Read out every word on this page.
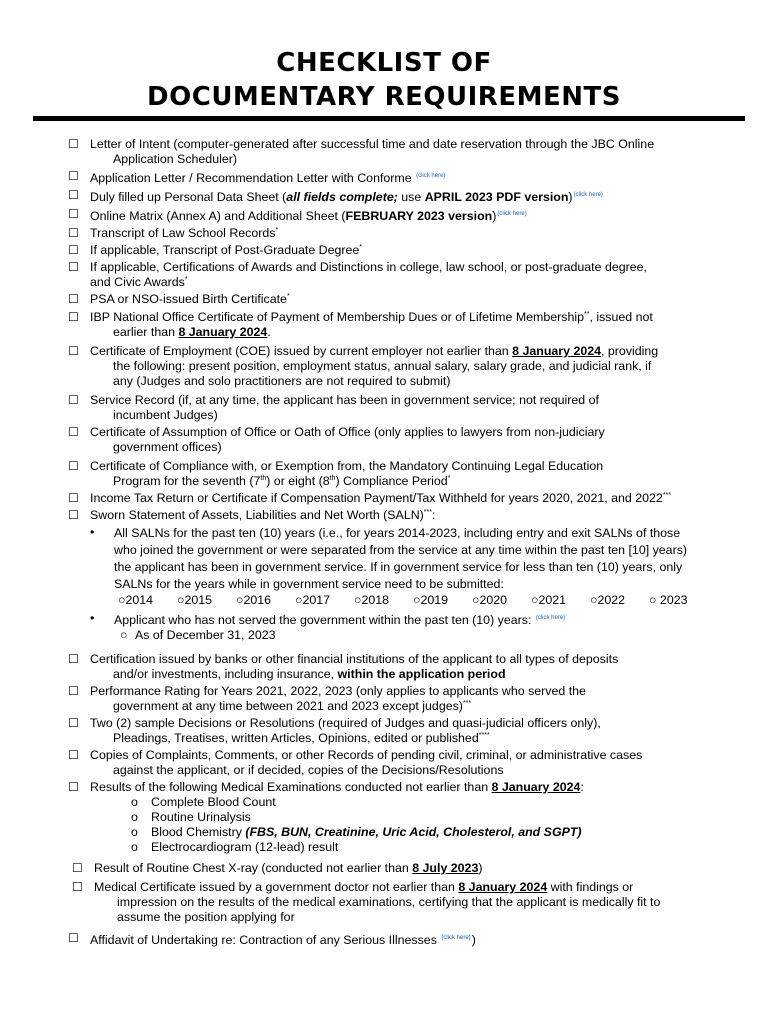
CHECKLIST OF
DOCUMENTARY REQUIREMENTS
☐ Letter of Intent (computer-generated after successful time and date reservation through the JBC Online
Application Scheduler)
☐ Application Letter / Recommendation Letter with Conforme $^{(click here)}$
☐ Duly filled up Personal Data Sheet (all fields complete; use APRIL 2023 PDF version)$^{(click here)}$
☐ Online Matrix (Annex A) and Additional Sheet (FEBRUARY 2023 version)$^{(click here)}$
☐ Transcript of Law School Records*
☐ If applicable, Transcript of Post-Graduate Degree*
☐ If applicable, Certifications of Awards and Distinctions in college, law school, or post-graduate degree,
and Civic Awards*
☐ PSA or NSO-issued Birth Certificate*
☐ IBP National Office Certificate of Payment of Membership Dues or of Lifetime Membership**, issued not
earlier than 8 January 2024.
☐ Certificate of Employment (COE) issued by current employer not earlier than 8 January 2024, providing
the following: present position, employment status, annual salary, salary grade, and judicial rank, if
any (Judges and solo practitioners are not required to submit)
☐ Service Record (if, at any time, the applicant has been in government service; not required of
incumbent Judges)
☐ Certificate of Assumption of Office or Oath of Office (only applies to lawyers from non-judiciary
government offices)
☐ Certificate of Compliance with, or Exemption from, the Mandatory Continuing Legal Education
Program for the seventh (7th) or eight (8th) Compliance Period*
☐ Income Tax Return or Certificate if Compensation Payment/Tax Withheld for years 2020, 2021, and 2022***
☐ Sworn Statement of Assets, Liabilities and Net Worth (SALN)***:
•	All SALNs for the past ten (10) years (i.e., for years 2014-2023, including entry and exit SALNs of those
who joined the government or were separated from the service at any time within the past ten [10] years)
the applicant has been in government service. If in government service for less than ten (10) years, only
SALNs for the years while in government service need to be submitted:
○2014	○2015	○2016	○2017	○2018	○2019	○2020	○2021	○2022	○ 2023
•	Applicant who has not served the government within the past ten (10) years: $^{(click here)}$
○ As of December 31, 2023
☐ Certification issued by banks or other financial institutions of the applicant to all types of deposits
and/or investments, including insurance, within the application period
☐ Performance Rating for Years 2021, 2022, 2023 (only applies to applicants who served the
government at any time between 2021 and 2023 except judges)***
☐ Two (2) sample Decisions or Resolutions (required of Judges and quasi-judicial officers only),
Pleadings, Treatises, written Articles, Opinions, edited or published****
☐ Copies of Complaints, Comments, or other Records of pending civil, criminal, or administrative cases
against the applicant, or if decided, copies of the Decisions/Resolutions
☐ Results of the following Medical Examinations conducted not earlier than 8 January 2024:
o	Complete Blood Count
o	Routine Urinalysis
o	Blood Chemistry (FBS, BUN, Creatinine, Uric Acid, Cholesterol, and SGPT)
o	Electrocardiogram (12-lead) result
☐ Result of Routine Chest X-ray (conducted not earlier than 8 July 2023)
☐ Medical Certificate issued by a government doctor not earlier than 8 January 2024 with findings or
impression on the results of the medical examinations, certifying that the applicant is medically fit to
assume the position applying for
☐ Affidavit of Undertaking re: Contraction of any Serious Illnesses $^{(click here)}$)
